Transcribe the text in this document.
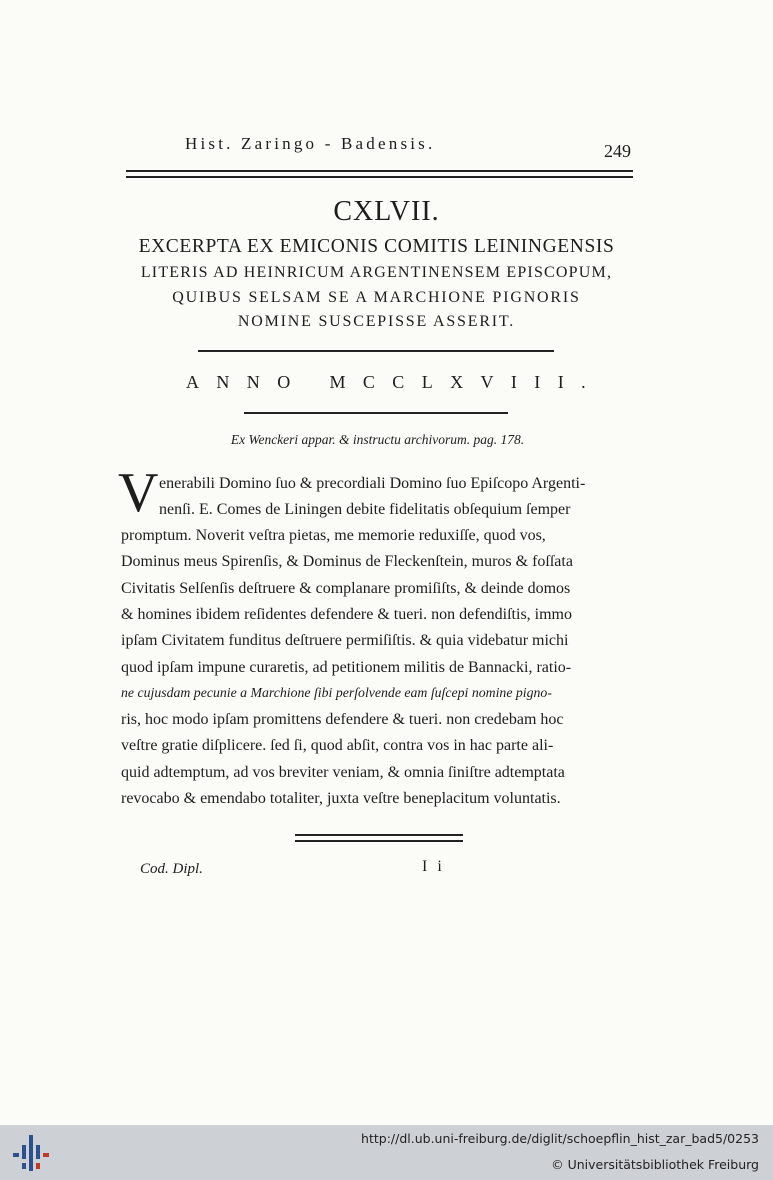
Hist. Zaringo - Badensis.	249
CXLVII.
EXCERPTA EX EMICONIS COMITIS LEININGENSIS
LITERIS AD HEINRICUM ARGENTINENSEM EPISCOPUM,
QUIBUS SELSAM SE A MARCHIONE PIGNORIS
NOMINE SUSCEPISSE ASSERIT.
ANNO MCCLXVIII.
Ex Wenckeri appar. & instructu archivorum. pag. 178.
V enerabili Domino ſuo & precordiali Domino ſuo Epiſcopo Argenti-
nenſi. E. Comes de Liningen debite fidelitatis obſequium ſemper
promptum. Noverit veſtra pietas, me memorie reduxiſſe, quod vos,
Dominus meus Spirenſis, & Dominus de Fleckenſtein, muros & foſſata
Civitatis Selſenſis deſtruere & complanare promiſiſts, & deinde domos
& homines ibidem reſidentes defendere & tueri. non defendiſtis, immo
ipſam Civitatem funditus deſtruere permiſiſtis. & quia videbatur michi
quod ipſam impune curaretis, ad petitionem militis de Bannacki, ratio-
ne cujusdam pecunie a Marchione ſibi perſolvende eam ſuſcepi nomine pigno-
ris, hoc modo ipſam promittens defendere & tueri. non credebam hoc
veſtre gratie diſplicere. ſed ſi, quod abſit, contra vos in hac parte ali-
quid adtemptum, ad vos breviter veniam, & omnia ſiniſtre adtemptata
revocabo & emendabo totaliter, juxta veſtre beneplacitum voluntatis.
Cod. Dipl.	I i
http://dl.ub.uni-freiburg.de/diglit/schoepflin_hist_zar_bad5/0253
© Universitätsbibliothek Freiburg
